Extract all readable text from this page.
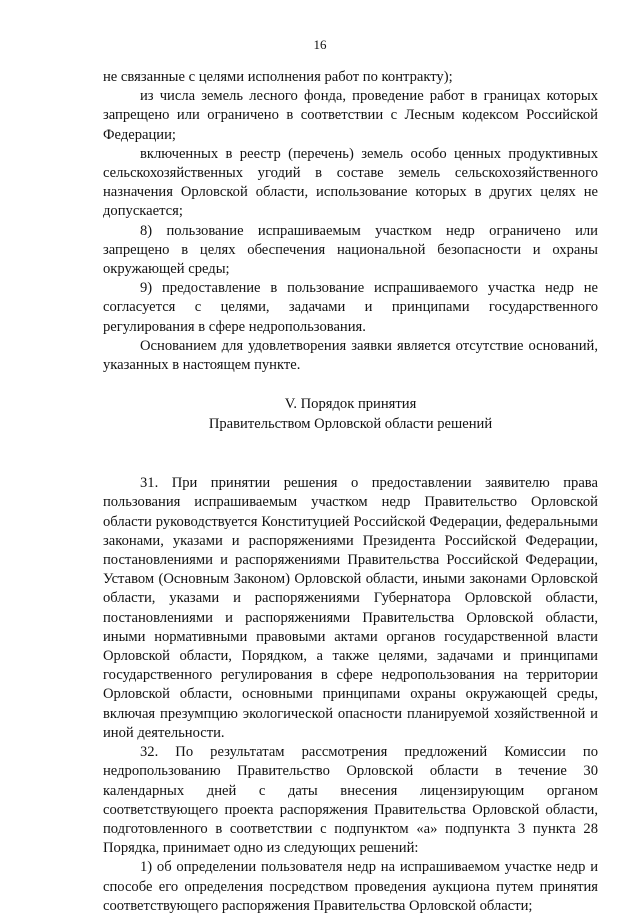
16

не связанные с целями исполнения работ по контракту);

из числа земель лесного фонда, проведение работ в границах которых запрещено или ограничено в соответствии с Лесным кодексом Российской Федерации;

включенных в реестр (перечень) земель особо ценных продуктивных сельскохозяйственных угодий в составе земель сельскохозяйственного назначения Орловской области, использование которых в других целях не допускается;

8) пользование испрашиваемым участком недр ограничено или запрещено в целях обеспечения национальной безопасности и охраны окружающей среды;

9) предоставление в пользование испрашиваемого участка недр не согласуется с целями, задачами и принципами государственного регулирования в сфере недропользования.

Основанием для удовлетворения заявки является отсутствие оснований, указанных в настоящем пункте.

V. Порядок принятия
Правительством Орловской области решений

31. При принятии решения о предоставлении заявителю права пользования испрашиваемым участком недр Правительство Орловской области руководствуется Конституцией Российской Федерации, федеральными законами, указами и распоряжениями Президента Российской Федерации, постановлениями и распоряжениями Правительства Российской Федерации, Уставом (Основным Законом) Орловской области, иными законами Орловской области, указами и распоряжениями Губернатора Орловской области, постановлениями и распоряжениями Правительства Орловской области, иными нормативными правовыми актами органов государственной власти Орловской области, Порядком, а также целями, задачами и принципами государственного регулирования в сфере недропользования на территории Орловской области, основными принципами охраны окружающей среды, включая презумпцию экологической опасности планируемой хозяйственной и иной деятельности.

32. По результатам рассмотрения предложений Комиссии по недропользованию Правительство Орловской области в течение 30 календарных дней с даты внесения лицензирующим органом соответствующего проекта распоряжения Правительства Орловской области, подготовленного в соответствии с подпунктом «а» подпункта 3 пункта 28 Порядка, принимает одно из следующих решений:

1) об определении пользователя недр на испрашиваемом участке недр и способе его определения посредством проведения аукциона путем принятия соответствующего распоряжения Правительства Орловской области;
